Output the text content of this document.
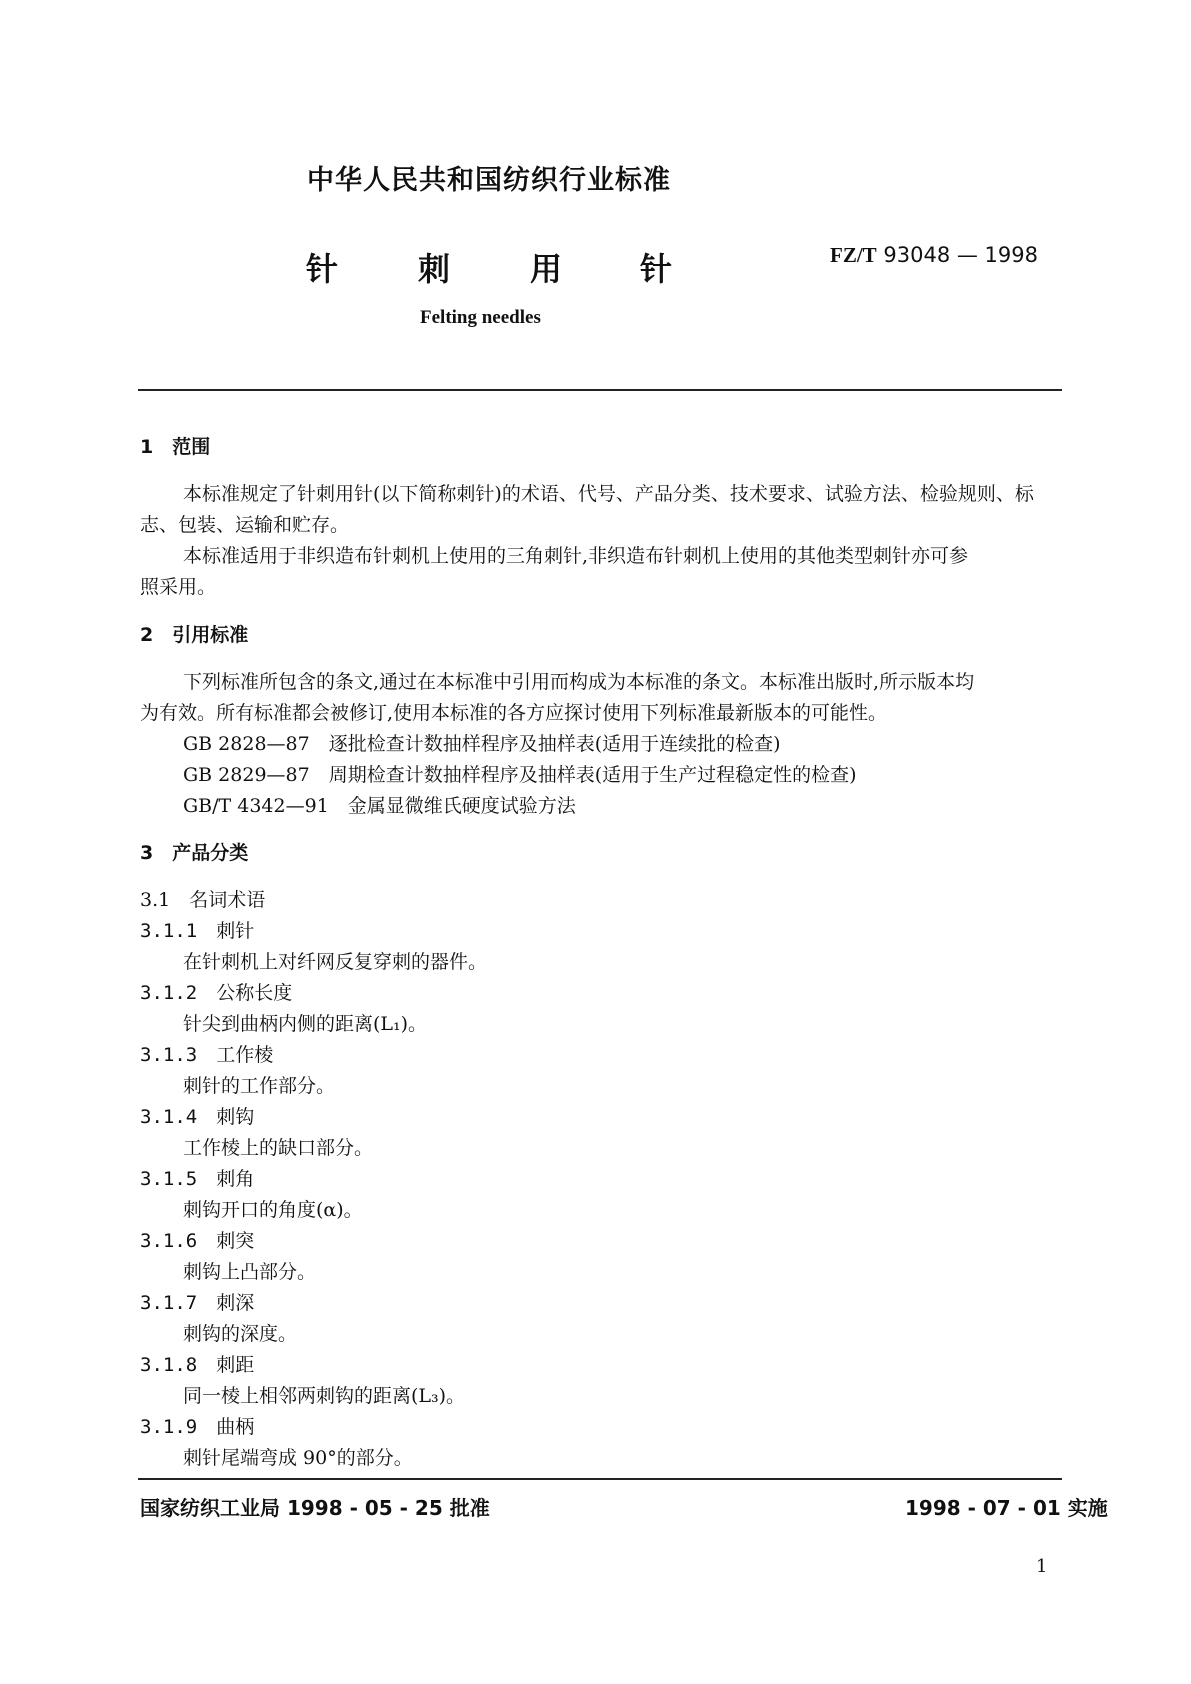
中华人民共和国纺织行业标准
针 刺 用 针	FZ/T 93048 — 1998
Felting needles
1　范围
本标准规定了针刺用针(以下简称刺针)的术语、代号、产品分类、技术要求、试验方法、检验规则、标
志、包装、运输和贮存。
本标准适用于非织造布针刺机上使用的三角刺针,非织造布针刺机上使用的其他类型刺针亦可参
照采用。
2　引用标准
下列标准所包含的条文,通过在本标准中引用而构成为本标准的条文。本标准出版时,所示版本均
为有效。所有标准都会被修订,使用本标准的各方应探讨使用下列标准最新版本的可能性。
GB 2828—87　逐批检查计数抽样程序及抽样表(适用于连续批的检查)
GB 2829—87　周期检查计数抽样程序及抽样表(适用于生产过程稳定性的检查)
GB/T 4342—91　金属显微维氏硬度试验方法
3　产品分类
3.1　名词术语
3.1.1　 刺针
在针刺机上对纤网反复穿刺的器件。
3.1.2　 公称长度
针尖到曲柄内侧的距离(L₁)。
3.1.3　 工作棱
刺针的工作部分。
3.1.4　 刺钩
工作棱上的缺口部分。
3.1.5　 刺角
刺钩开口的角度(α)。
3.1.6　 刺突
刺钩上凸部分。
3.1.7　 刺深
刺钩的深度。
3.1.8　 刺距
同一棱上相邻两刺钩的距离(L₃)。
3.1.9　 曲柄
刺针尾端弯成 90°的部分。
国家纺织工业局 1998 - 05 - 25 批准	1998 - 07 - 01 实施
1
